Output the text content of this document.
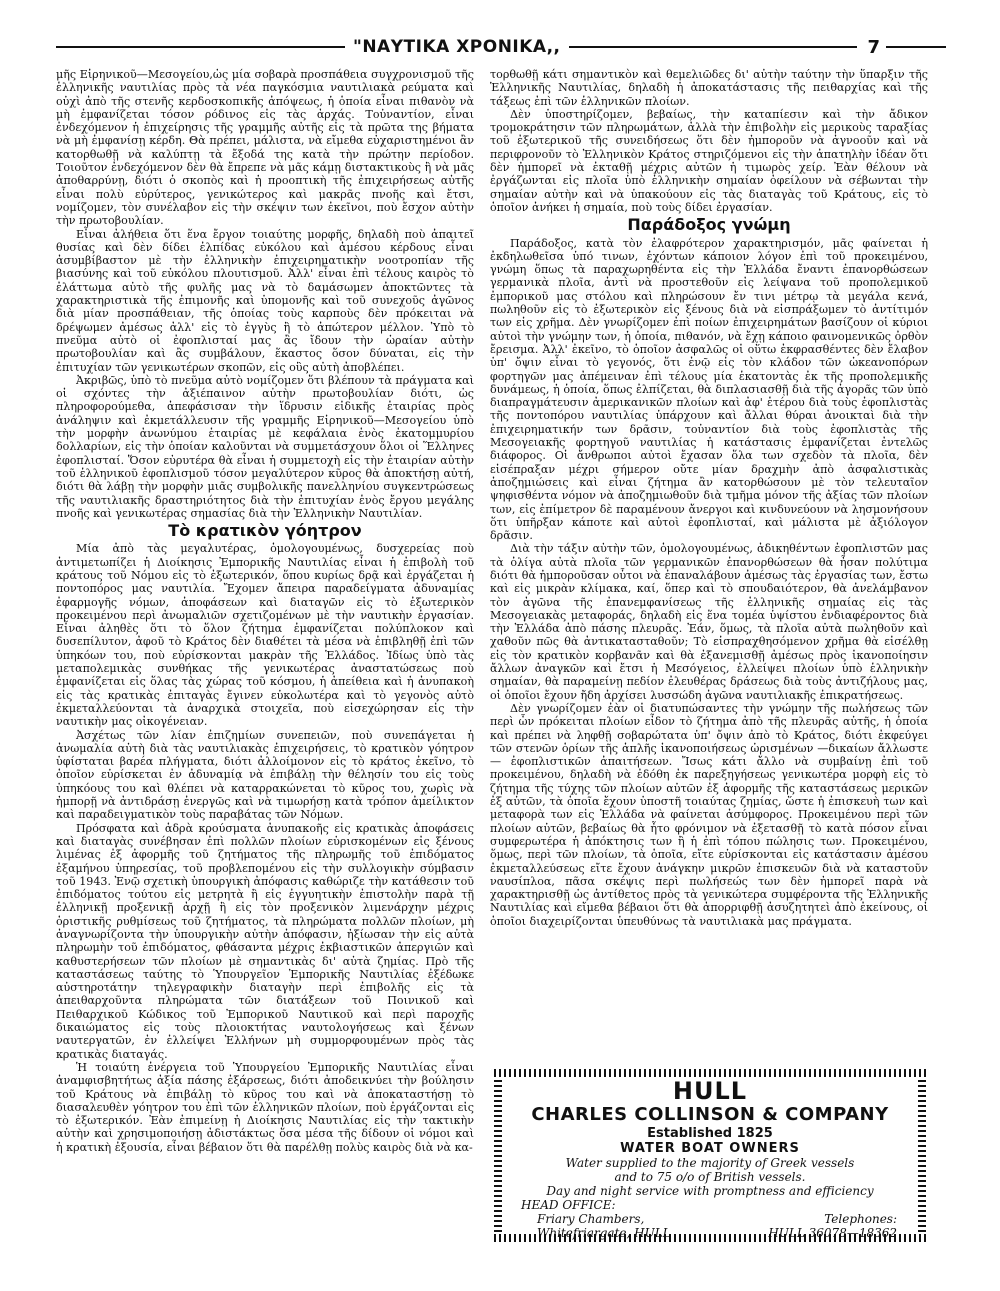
"ΝΑΥΤΙΚΑ ΧΡΟΝΙΚΑ,,	7

μῆς Εἰρηνικοῦ—Μεσογείου,ὡς μία σοβαρὰ προσπάθεια συγχρονισμοῦ τῆς ἑλληνικῆς ναυτιλίας πρὸς τὰ νέα παγκόσμια ναυτιλιακὰ ρεύματα καὶ οὐχὶ ἀπὸ τῆς στενῆς κερδοσκοπικῆς ἀπόψεως, ἡ ὁποία εἶναι πιθανὸν νὰ μὴ ἐμφανίζεται τόσον ρόδινος εἰς τὰς ἀρχάς. Τοὐναντίον, εἶναι ἐνδεχόμενον ἡ ἐπιχείρησις τῆς γραμμῆς αὐτῆς εἰς τὰ πρῶτα της βήματα νὰ μὴ ἐμφανίσῃ κέρδη. Θὰ πρέπει, μάλιστα, νὰ εἴμεθα εὐχαριστημένοι ἂν κατορθωθῇ νὰ καλύπτῃ τὰ ἔξοδά της κατὰ τὴν πρώτην περίοδον. Τοιοῦτον ἐνδεχόμενον δὲν θὰ ἔπρεπε νὰ μᾶς κάμῃ διστακτικοὺς ἢ νὰ μᾶς ἀποθαρρύνῃ, διότι ὁ σκοπὸς καὶ ἡ προοπτικὴ τῆς ἐπιχειρήσεως αὐτῆς εἶναι πολὺ εὐρύτερος, γενικώτερος καὶ μακρᾶς πνοῆς καὶ ἔτσι, νομίζομεν, τὸν συνέλαβον εἰς τὴν σκέψιν των ἐκεῖνοι, ποὺ ἔσχον αὐτὴν τὴν πρωτοβουλίαν.

Εἶναι ἀλήθεια ὅτι ἕνα ἔργον τοιαύτης μορφῆς, δηλαδὴ ποὺ ἀπαιτεῖ θυσίας καὶ δὲν δίδει ἐλπίδας εὐκόλου καὶ ἀμέσου κέρδους εἶναι ἀσυμβίβαστον μὲ τὴν ἑλληνικὴν ἐπιχειρηματικὴν νοοτροπίαν τῆς βιασύνης καὶ τοῦ εὐκόλου πλουτισμοῦ. Ἀλλ' εἶναι ἐπὶ τέλους καιρὸς τὸ ἐλάττωμα αὐτὸ τῆς φυλῆς μας νὰ τὸ δαμάσωμεν ἀποκτῶντες τὰ χαρακτηριστικὰ τῆς ἐπιμονῆς καὶ ὑπομονῆς καὶ τοῦ συνεχοῦς ἀγῶνος διὰ μίαν προσπάθειαν, τῆς ὁποίας τοὺς καρποὺς δὲν πρόκειται νὰ δρέψωμεν ἀμέσως ἀλλ' εἰς τὸ ἐγγὺς ἢ τὸ ἀπώτερον μέλλον. Ὑπὸ τὸ πνεῦμα αὐτὸ οἱ ἐφοπλισταί μας ἂς ἴδουν τὴν ὡραίαν αὐτὴν πρωτοβουλίαν καὶ ἂς συμβάλουν, ἕκαστος ὅσον δύναται, εἰς τὴν ἐπιτυχίαν τῶν γενικωτέρων σκοπῶν, εἰς οὓς αὐτὴ ἀποβλέπει.

Ἀκριβῶς, ὑπὸ τὸ πνεῦμα αὐτὸ νομίζομεν ὅτι βλέπουν τὰ πράγματα καὶ οἱ σχόντες τὴν ἀξιέπαινον αὐτὴν πρωτοβουλίαν διότι, ὡς πληροφορούμεθα, ἀπεφάσισαν τὴν ἵδρυσιν εἰδικῆς ἑταιρίας πρὸς ἀνάληψιν καὶ ἐκμετάλλευσιν τῆς γραμμῆς Εἰρηνικοῦ—Μεσογείου ὑπὸ τὴν μορφὴν ἀνωνύμου ἑταιρίας μὲ κεφάλαια ἑνὸς ἑκατομμυρίου δολλαρίων, εἰς τὴν ὁποίαν καλοῦνται νὰ συμμετάσχουν ὅλοι οἱ Ἕλληνες ἐφοπλισταί. Ὅσον εὐρυτέρα θὰ εἶναι ἡ συμμετοχὴ εἰς τὴν ἑταιρίαν αὐτὴν τοῦ ἑλληνικοῦ ἐφοπλισμοῦ τόσον μεγαλύτερον κῦρος θὰ ἀποκτήσῃ αὐτή, διότι θὰ λάβῃ τὴν μορφὴν μιᾶς συμβολικῆς πανελληνίου συγκεντρώσεως τῆς ναυτιλιακῆς δραστηριότητος διὰ τὴν ἐπιτυχίαν ἑνὸς ἔργου μεγάλης πνοῆς καὶ γενικωτέρας σημασίας διὰ τὴν Ἑλληνικὴν Ναυτιλίαν.

Τὸ κρατικὸν γόητρον

Μία ἀπὸ τὰς μεγαλυτέρας, ὁμολογουμένως, δυσχερείας ποὺ ἀντιμετωπίζει ἡ Διοίκησις Ἐμπορικῆς Ναυτιλίας εἶναι ἡ ἐπιβολὴ τοῦ κράτους τοῦ Νόμου εἰς τὸ ἐξωτερικόν, ὅπου κυρίως δρᾷ καὶ ἐργάζεται ἡ ποντοπόρος μας ναυτιλία. Ἔχομεν ἄπειρα παραδείγματα ἀδυναμίας ἐφαρμογῆς νόμων, ἀποφάσεων καὶ διαταγῶν εἰς τὸ ἐξωτερικὸν προκειμένου περὶ ἀνωμαλιῶν σχετιζομένων μὲ τὴν ναυτικὴν ἐργασίαν. Εἶναι ἀληθὲς ὅτι τὸ ὅλον ζήτημα ἐμφανίζεται πολύπλοκον καὶ δυσεπίλυτον, ἀφοῦ τὸ Κράτος δὲν διαθέτει τὰ μέσα νὰ ἐπιβληθῇ ἐπὶ τῶν ὑπηκόων του, ποὺ εὑρίσκονται μακρὰν τῆς Ἑλλάδος. Ἰδίως ὑπὸ τὰς μεταπολεμικὰς συνθήκας τῆς γενικωτέρας ἀναστατώσεως ποὺ ἐμφανίζεται εἰς ὅλας τὰς χώρας τοῦ κόσμου, ἡ ἀπείθεια καὶ ἡ ἀνυπακοὴ εἰς τὰς κρατικὰς ἐπιταγὰς ἔγινεν εὐκολωτέρα καὶ τὸ γεγονὸς αὐτὸ ἐκμεταλλεύονται τὰ ἀναρχικὰ στοιχεῖα, ποὺ εἰσεχώρησαν εἰς τὴν ναυτικὴν μας οἰκογένειαν.

Ἀσχέτως τῶν λίαν ἐπιζημίων συνεπειῶν, ποὺ συνεπάγεται ἡ ἀνωμαλία αὐτὴ διὰ τὰς ναυτιλιακὰς ἐπιχειρήσεις, τὸ κρατικὸν γόητρον ὑφίσταται βαρέα πλήγματα, διότι ἀλλοίμονον εἰς τὸ κράτος ἐκεῖνο, τὸ ὁποῖον εὑρίσκεται ἐν ἀδυναμίᾳ νὰ ἐπιβάλῃ τὴν θέλησίν του εἰς τοὺς ὑπηκόους του καὶ θλέπει νὰ καταρρακώνεται τὸ κῦρος του, χωρὶς νὰ ἠμπορῇ νὰ ἀντιδράσῃ ἐνεργῶς καὶ νὰ τιμωρήσῃ κατὰ τρόπον ἀμείλικτον καὶ παραδειγματικὸν τοὺς παραβάτας τῶν Νόμων.

Πρόσφατα καὶ ἁδρὰ κρούσματα ἀνυπακοῆς εἰς κρατικὰς ἀποφάσεις καὶ διαταγὰς συνέβησαν ἐπὶ πολλῶν πλοίων εὑρισκομένων εἰς ξένους λιμένας ἐξ ἀφορμῆς τοῦ ζητήματος τῆς πληρωμῆς τοῦ ἐπιδόματος ἐξαμήνου ὑπηρεσίας, τοῦ προβλεπομένου εἰς τὴν συλλογικὴν σύμβασιν τοῦ 1943. Ἐνῷ σχετικὴ ὑπουργικὴ ἀπόφασις καθώριζε τὴν κατάθεσιν τοῦ ἐπιδόματος τούτου εἰς μετρητὰ ἢ εἰς ἐγγυητικὴν ἐπιστολὴν παρὰ τῇ ἑλληνικῇ προξενικῇ ἀρχῇ ἢ εἰς τὸν προξενικὸν λιμενάρχην μέχρις ὁριστικῆς ρυθμίσεως τοῦ ζητήματος, τὰ πληρώματα πολλῶν πλοίων, μὴ ἀναγνωρίζοντα τὴν ὑπουργικὴν αὐτὴν ἀπόφασιν, ἠξίωσαν τὴν εἰς αὐτὰ πληρωμὴν τοῦ ἐπιδόματος, φθάσαντα μέχρις ἐκβιαστικῶν ἀπεργιῶν καὶ καθυστερήσεων τῶν πλοίων μὲ σημαντικὰς δι' αὐτὰ ζημίας. Πρὸ τῆς καταστάσεως ταύτης τὸ Ὑπουργεῖον Ἐμπορικῆς Ναυτιλίας ἐξέδωκε αὐστηροτάτην τηλεγραφικὴν διαταγὴν περὶ ἐπιβολῆς εἰς τὰ ἀπειθαρχοῦντα πληρώματα τῶν διατάξεων τοῦ Ποινικοῦ καὶ Πειθαρχικοῦ Κώδικος τοῦ Ἐμπορικοῦ Ναυτικοῦ καὶ περὶ παροχῆς δικαιώματος εἰς τοὺς πλοιοκτήτας ναυτολογήσεως καὶ ξένων ναυτεργατῶν, ἐν ἐλλείψει Ἑλλήνων μὴ συμμορφουμένων πρὸς τὰς κρατικὰς διαταγάς.

Ἡ τοιαύτη ἐνέργεια τοῦ Ὑπουργείου Ἐμπορικῆς Ναυτιλίας εἶναι ἀναμφισβητήτως ἀξία πάσης ἐξάρσεως, διότι ἀποδεικνύει τὴν βούλησιν τοῦ Κράτους νὰ ἐπιβάλῃ τὸ κῦρος του καὶ νὰ ἀποκαταστήσῃ τὸ διασαλευθὲν γόητρον του ἐπὶ τῶν ἑλληνικῶν πλοίων, ποὺ ἐργάζονται εἰς τὸ ἐξωτερικόν. Ἐὰν ἐπιμείνῃ ἡ Διοίκησις Ναυτιλίας εἰς τὴν τακτικὴν αὐτὴν καὶ χρησιμοποιήσῃ ἀδιστάκτως ὅσα μέσα τῆς δίδουν οἱ νόμοι καὶ ἡ κρατικὴ ἐξουσία, εἶναι βέβαιον ὅτι θὰ παρέλθῃ πολὺς καιρὸς διὰ νὰ κα-

τορθωθῇ κάτι σημαντικὸν καὶ θεμελιῶδες δι' αὐτὴν ταύτην τὴν ὕπαρξιν τῆς Ἑλληνικῆς Ναυτιλίας, δηλαδὴ ἡ ἀποκατάστασις τῆς πειθαρχίας καὶ τῆς τάξεως ἐπὶ τῶν ἑλληνικῶν πλοίων.

Δὲν ὑποστηρίζομεν, βεβαίως, τὴν καταπίεσιν καὶ τὴν ἄδικον τρομοκράτησιν τῶν πληρωμάτων, ἀλλὰ τὴν ἐπιβολὴν εἰς μερικοὺς ταραξίας τοῦ ἐξωτερικοῦ τῆς συνειδήσεως ὅτι δὲν ἠμποροῦν νὰ ἀγνοοῦν καὶ νὰ περιφρονοῦν τὸ Ἑλληνικὸν Κράτος στηριζόμενοι εἰς τὴν ἀπατηλὴν ἰδέαν ὅτι δὲν ἠμπορεῖ νὰ ἐκταθῇ μέχρις αὐτῶν ἡ τιμωρὸς χείρ. Ἐὰν θέλουν νὰ ἐργάζωνται εἰς πλοῖα ὑπὸ ἑλληνικὴν σημαίαν ὀφείλουν νὰ σέβωνται τὴν σημαίαν αὐτὴν καὶ νὰ ὑπακούουν εἰς τὰς διαταγὰς τοῦ Κράτους, εἰς τὸ ὁποῖον ἀνήκει ἡ σημαία, ποὺ τοὺς δίδει ἐργασίαν.

Παράδοξος γνώμη

Παράδοξος, κατὰ τὸν ἐλαφρότερον χαρακτηρισμόν, μᾶς φαίνεται ἡ ἐκδηλωθεῖσα ὑπό τινων, ἐχόντων κάποιον λόγον ἐπὶ τοῦ προκειμένου, γνώμη ὅπως τὰ παραχωρηθέντα εἰς τὴν Ἑλλάδα ἔναντι ἐπανορθώσεων γερμανικὰ πλοῖα, ἀντὶ νὰ προστεθοῦν εἰς λείψανα τοῦ προπολεμικοῦ ἐμπορικοῦ μας στόλου καὶ πληρώσουν ἔν τινι μέτρῳ τὰ μεγάλα κενά, πωληθοῦν εἰς τὸ ἐξωτερικὸν εἰς ξένους διὰ νὰ εἰσπράξωμεν τὸ ἀντίτιμόν των εἰς χρῆμα. Δὲν γνωρίζομεν ἐπὶ ποίων ἐπιχειρημάτων βασίζουν οἱ κύριοι αὐτοὶ τὴν γνώμην των, ἡ ὁποία, πιθανόν, νὰ ἔχῃ κάποιο φαινομενικῶς ὀρθὸν ἔρεισμα. Ἀλλ' ἐκεῖνο, τὸ ὁποῖον ἀσφαλῶς οἱ οὕτω ἐκφρασθέντες δὲν ἔλαβον ὑπ' ὄψιν εἶναι τὸ γεγονός, ὅτι ἐνῷ εἰς τὸν κλάδον τῶν ὠκεανοπόρων φορτηγῶν μας ἀπέμειναν ἐπὶ τέλους μία ἑκατοντὰς ἐκ τῆς προπολεμικῆς δυνάμεως, ἡ ὁποία, ὅπως ἐλπίζεται, θὰ διπλασιασθῇ διὰ τῆς ἀγορᾶς τῶν ὑπὸ διαπραγμάτευσιν ἀμερικανικῶν πλοίων καὶ ἀφ' ἑτέρου διὰ τοὺς ἐφοπλιστὰς τῆς ποντοπόρου ναυτιλίας ὑπάρχουν καὶ ἄλλαι θύραι ἀνοικταὶ διὰ τὴν ἐπιχειρηματικήν των δρᾶσιν, τοὐναντίον διὰ τοὺς ἐφοπλιστὰς τῆς Μεσογειακῆς φορτηγοῦ ναυτιλίας ἡ κατάστασις ἐμφανίζεται ἐντελῶς διάφορος. Οἱ ἄνθρωποι αὐτοὶ ἔχασαν ὅλα των σχεδὸν τὰ πλοῖα, δὲν εἰσέπραξαν μέχρι σήμερον οὔτε μίαν δραχμὴν ἀπὸ ἀσφαλιστικὰς ἀποζημιώσεις καὶ εἶναι ζήτημα ἂν κατορθώσουν μὲ τὸν τελευταῖον ψηφισθέντα νόμον νὰ ἀποζημιωθοῦν διὰ τμῆμα μόνον τῆς ἀξίας τῶν πλοίων των, εἰς ἐπίμετρον δὲ παραμένουν ἄνεργοι καὶ κινδυνεύουν νὰ λησμονήσουν ὅτι ὑπῆρξαν κάποτε καὶ αὐτοὶ ἐφοπλισταί, καὶ μάλιστα μὲ ἀξιόλογον δρᾶσιν.

Διὰ τὴν τάξιν αὐτὴν τῶν, ὁμολογουμένως, ἀδικηθέντων ἐφοπλιστῶν μας τὰ ὀλίγα αὐτὰ πλοῖα τῶν γερμανικῶν ἐπανορθώσεων θὰ ἦσαν πολύτιμα διότι θὰ ἠμποροῦσαν οὗτοι νὰ ἐπαναλάβουν ἀμέσως τὰς ἐργασίας των, ἔστω καὶ εἰς μικρὰν κλίμακα, καί, ὅπερ καὶ τὸ σπουδαιότερον, θὰ ἀνελάμβανον τὸν ἀγῶνα τῆς ἐπανεμφανίσεως τῆς ἑλληνικῆς σημαίας εἰς τὰς Μεσογειακὰς μεταφοράς, δηλαδὴ εἰς ἕνα τομέα ὑψίστου ἐνδιαφέροντος διὰ τὴν Ἑλλάδα ἀπὸ πάσης πλευρᾶς. Ἐάν, ὅμως, τὰ πλοῖα αὐτὰ πωληθοῦν καὶ χαθοῦν πῶς θὰ ἀντικατασταθοῦν; Τὸ εἰσπραχθησόμενον χρῆμα θὰ εἰσέλθῃ εἰς τὸν κρατικὸν κορβανᾶν καὶ θὰ ἐξανεμισθῇ ἀμέσως πρὸς ἱκανοποίησιν ἄλλων ἀναγκῶν καὶ ἔτσι ἡ Μεσόγειος, ἐλλείψει πλοίων ὑπὸ ἑλληνικὴν σημαίαν, θὰ παραμείνῃ πεδίον ἐλευθέρας δράσεως διὰ τοὺς ἀντιζήλους μας, οἱ ὁποῖοι ἔχουν ἤδη ἀρχίσει λυσσώδη ἀγῶνα ναυτιλιακῆς ἐπικρατήσεως.

Δὲν γνωρίζομεν ἐὰν οἱ διατυπώσαντες τὴν γνώμην τῆς πωλήσεως τῶν περὶ ὧν πρόκειται πλοίων εἶδον τὸ ζήτημα ἀπὸ τῆς πλευρᾶς αὐτῆς, ἡ ὁποία καὶ πρέπει νὰ ληφθῇ σοβαρώτατα ὑπ' ὄψιν ἀπὸ τὸ Κράτος, διότι ἐκφεύγει τῶν στενῶν ὁρίων τῆς ἁπλῆς ἱκανοποιήσεως ὡρισμένων —δικαίων ἄλλωστε— ἐφοπλιστικῶν ἀπαιτήσεων. Ἴσως κάτι ἄλλο νὰ συμβαίνῃ ἐπὶ τοῦ προκειμένου, δηλαδὴ νὰ ἐδόθη ἐκ παρεξηγήσεως γενικωτέρα μορφὴ εἰς τὸ ζήτημα τῆς τύχης τῶν πλοίων αὐτῶν ἐξ ἀφορμῆς τῆς καταστάσεως μερικῶν ἐξ αὐτῶν, τὰ ὁποῖα ἔχουν ὑποστῆ τοιαύτας ζημίας, ὥστε ἡ ἐπισκευὴ των καὶ μεταφορὰ των εἰς Ἑλλάδα νὰ φαίνεται ἀσύμφορος. Προκειμένου περὶ τῶν πλοίων αὐτῶν, βεβαίως θὰ ἦτο φρόνιμον νὰ ἐξετασθῇ τὸ κατὰ πόσον εἶναι συμφερωτέρα ἡ ἀπόκτησις των ἢ ἡ ἐπὶ τόπου πώλησις των. Προκειμένου, ὅμως, περὶ τῶν πλοίων, τὰ ὁποῖα, εἴτε εὑρίσκονται εἰς κατάστασιν ἀμέσου ἐκμεταλλεύσεως εἴτε ἔχουν ἀνάγκην μικρῶν ἐπισκευῶν διὰ νὰ καταστοῦν ναυσίπλοα, πᾶσα σκέψις περὶ πωλήσεώς των δὲν ἠμπορεῖ παρὰ νὰ χαρακτηρισθῇ ὡς ἀντίθετος πρὸς τὰ γενικώτερα συμφέροντα τῆς Ἑλληνικῆς Ναυτιλίας καὶ εἴμεθα βέβαιοι ὅτι θὰ ἀπορριφθῇ ἀσυζητητεὶ ἀπὸ ἐκείνους, οἱ ὁποῖοι διαχειρίζονται ὑπευθύνως τὰ ναυτιλιακὰ μας πράγματα.

HULL
CHARLES COLLINSON & COMPANY
Established 1825
WATER BOAT OWNERS
Water supplied to the majority of Greek vessels
and to 75 o/o of British vessels.
Day and night service with promptness and efficiency
HEAD OFFICE:
Friary Chambers,	Telephones:
Whitefriargate, HULL	HULL 36078—18362
